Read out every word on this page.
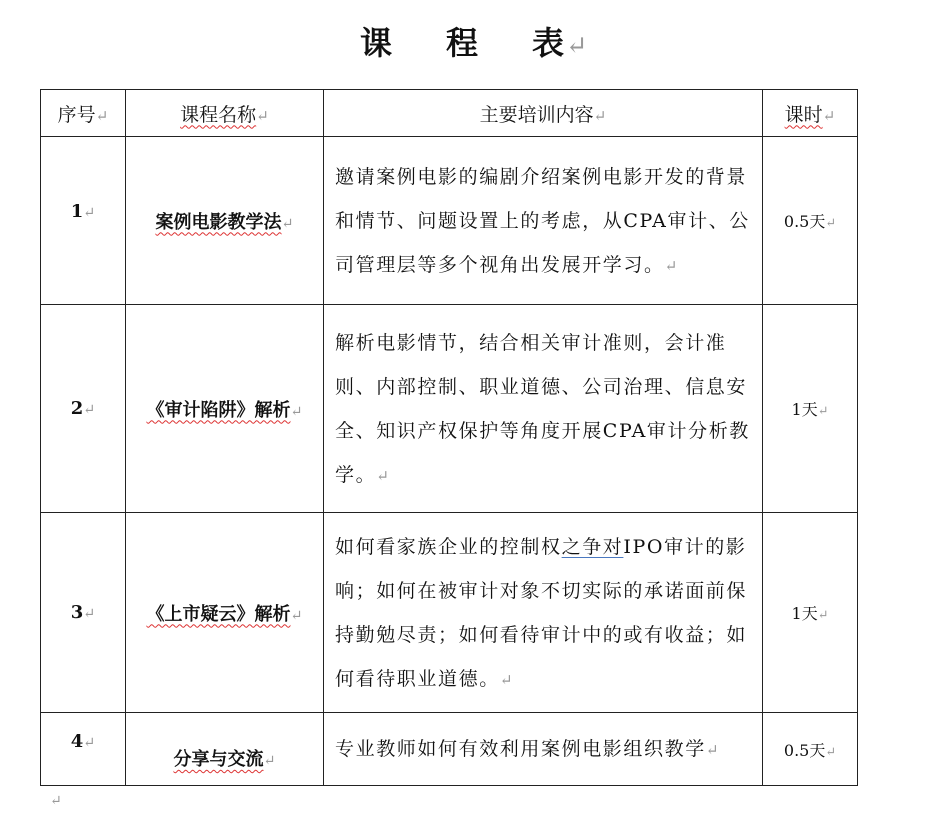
课 程 表↵
序号↵	课程名称↵	主要培训内容↵	课时↵
1↵	案例电影教学法↵	邀请案例电影的编剧介绍案例电影开发的背景和情节、问题设置上的考虑，从CPA审计、公司管理层等多个视角出发展开学习。↵	0.5天↵
2↵	《审计陷阱》解析↵	解析电影情节，结合相关审计准则，会计准则、内部控制、职业道德、公司治理、信息安全、知识产权保护等角度开展CPA审计分析教学。↵	1天↵
3↵	《上市疑云》解析↵	如何看家族企业的控制权之争对IPO审计的影响；如何在被审计对象不切实际的承诺面前保持勤勉尽责；如何看待审计中的或有收益；如何看待职业道德。↵	1天↵
4↵	分享与交流↵	专业教师如何有效利用案例电影组织教学↵	0.5天↵
↵
